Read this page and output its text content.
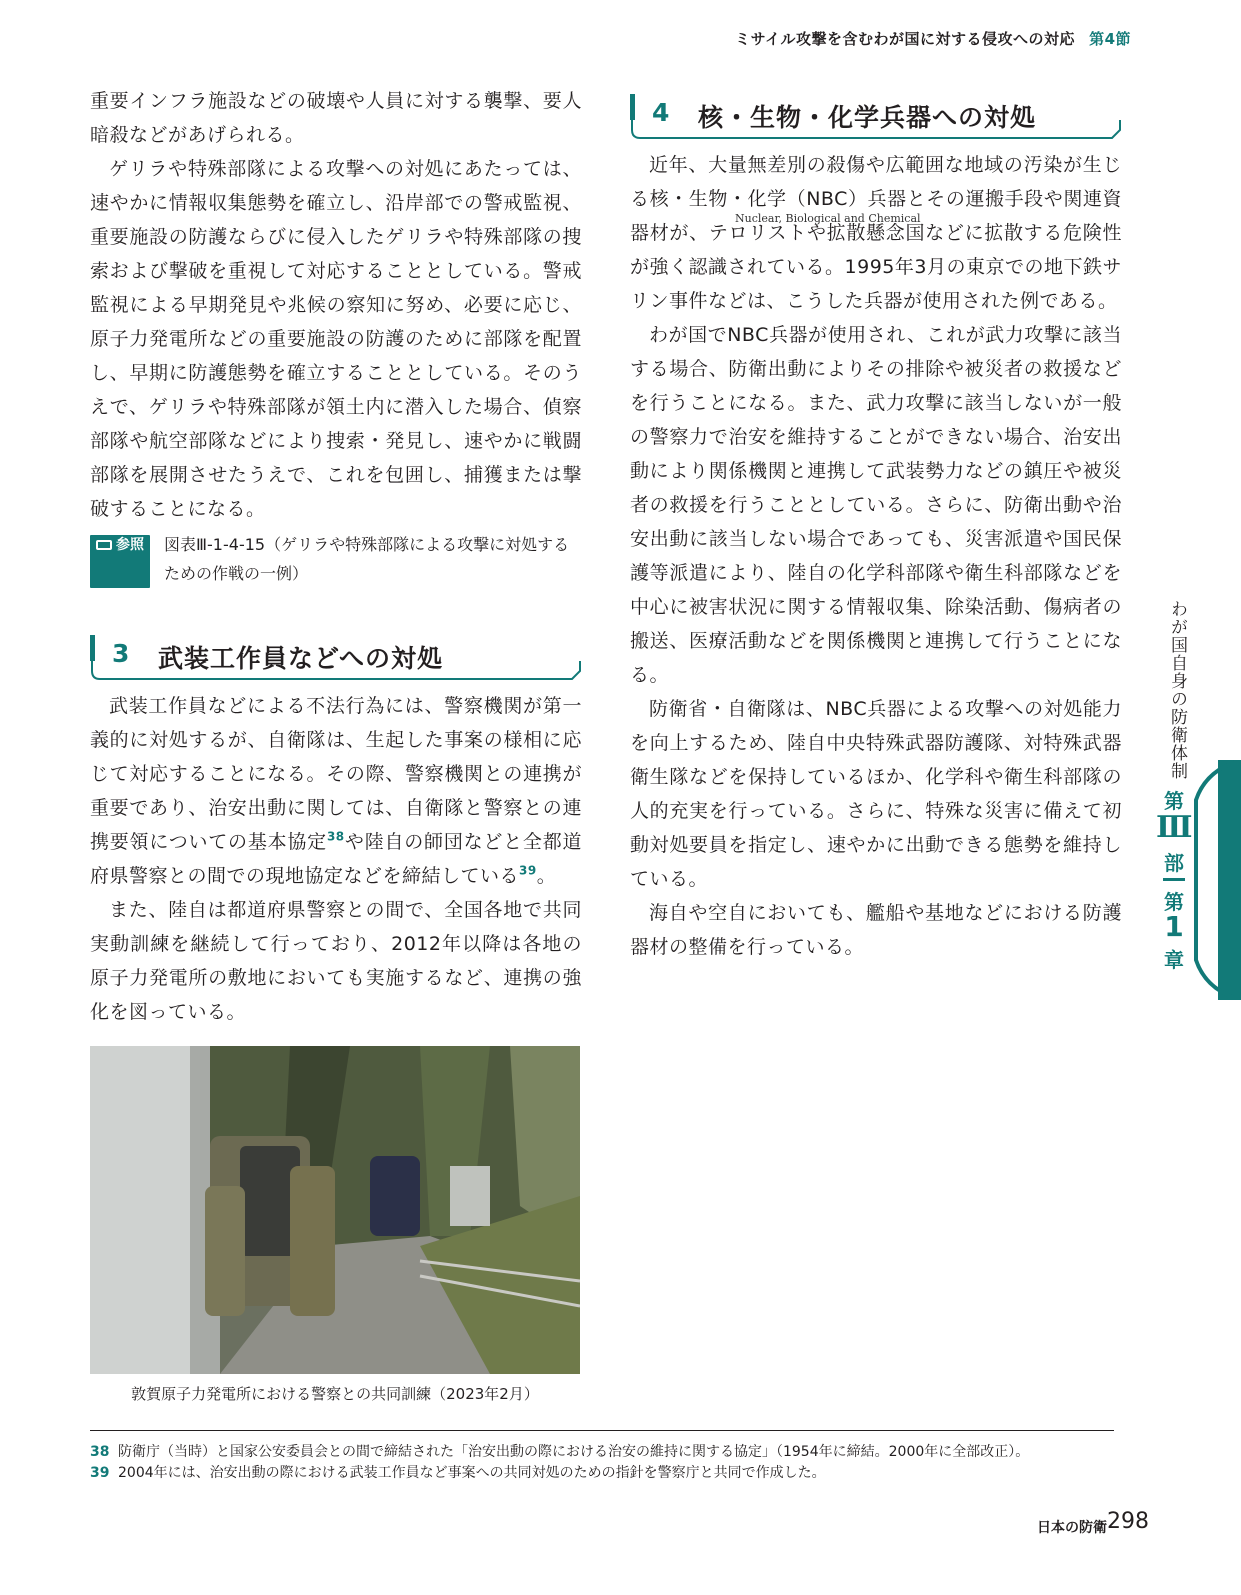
ミサイル攻撃を含むわが国に対する侵攻への対応 第4節

重要インフラ施設などの破壊や人員に対する襲撃、要人暗殺などがあげられる。

ゲリラや特殊部隊による攻撃への対処にあたっては、速やかに情報収集態勢を確立し、沿岸部での警戒監視、重要施設の防護ならびに侵入したゲリラや特殊部隊の捜索および撃破を重視して対応することとしている。警戒監視による早期発見や兆候の察知に努め、必要に応じ、原子力発電所などの重要施設の防護のために部隊を配置し、早期に防護態勢を確立することとしている。そのうえで、ゲリラや特殊部隊が領土内に潜入した場合、偵察部隊や航空部隊などにより捜索・発見し、速やかに戦闘部隊を展開させたうえで、これを包囲し、捕獲または撃破することになる。

参照	図表Ⅲ-1-4-15（ゲリラや特殊部隊による攻撃に対処するための作戦の一例）
3 武装工作員などへの対処

武装工作員などによる不法行為には、警察機関が第一義的に対処するが、自衛隊は、生起した事案の様相に応じて対応することになる。その際、警察機関との連携が重要であり、治安出動に関しては、自衛隊と警察との連携要領についての基本協定$^{38}$や陸自の師団などと全都道府県警察との間での現地協定などを締結している$^{39}$。

また、陸自は都道府県警察との間で、全国各地で共同実動訓練を継続して行っており、2012年以降は各地の原子力発電所の敷地においても実施するなど、連携の強化を図っている。

敦賀原子力発電所における警察との共同訓練（2023年2月）
4 核・生物・化学兵器への対処

近年、大量無差別の殺傷や広範囲な地域の汚染が生じる核・生物・化学（NBC）兵器とその運搬手段や関連資器材が、テロリストや拡散懸念国などに拡散する危険性が強く認識されている。1995年3月の東京での地下鉄サリン事件などは、こうした兵器が使用された例である。

わが国でNBC兵器が使用され、これが武力攻撃に該当する場合、防衛出動によりその排除や被災者の救援などを行うことになる。また、武力攻撃に該当しないが一般の警察力で治安を維持することができない場合、治安出動により関係機関と連携して武装勢力などの鎮圧や被災者の救援を行うこととしている。さらに、防衛出動や治安出動に該当しない場合であっても、災害派遣や国民保護等派遣により、陸自の化学科部隊や衛生科部隊などを中心に被害状況に関する情報収集、除染活動、傷病者の搬送、医療活動などを関係機関と連携して行うことになる。

防衛省・自衛隊は、NBC兵器による攻撃への対処能力を向上するため、陸自中央特殊武器防護隊、対特殊武器衛生隊などを保持しているほか、化学科や衛生科部隊の人的充実を行っている。さらに、特殊な災害に備えて初動対処要員を指定し、速やかに出動できる態勢を維持している。

海自や空自においても、艦船や基地などにおける防護器材の整備を行っている。

Nuclear, Biological and Chemical
わが国自身の防衛体制
第
Ⅲ
部
第
1
章
38 防衛庁（当時）と国家公安委員会との間で締結された「治安出動の際における治安の維持に関する協定」（1954年に締結。2000年に全部改正）。
39 2004年には、治安出動の際における武装工作員など事案への共同対処のための指針を警察庁と共同で作成した。
日本の防衛 298
